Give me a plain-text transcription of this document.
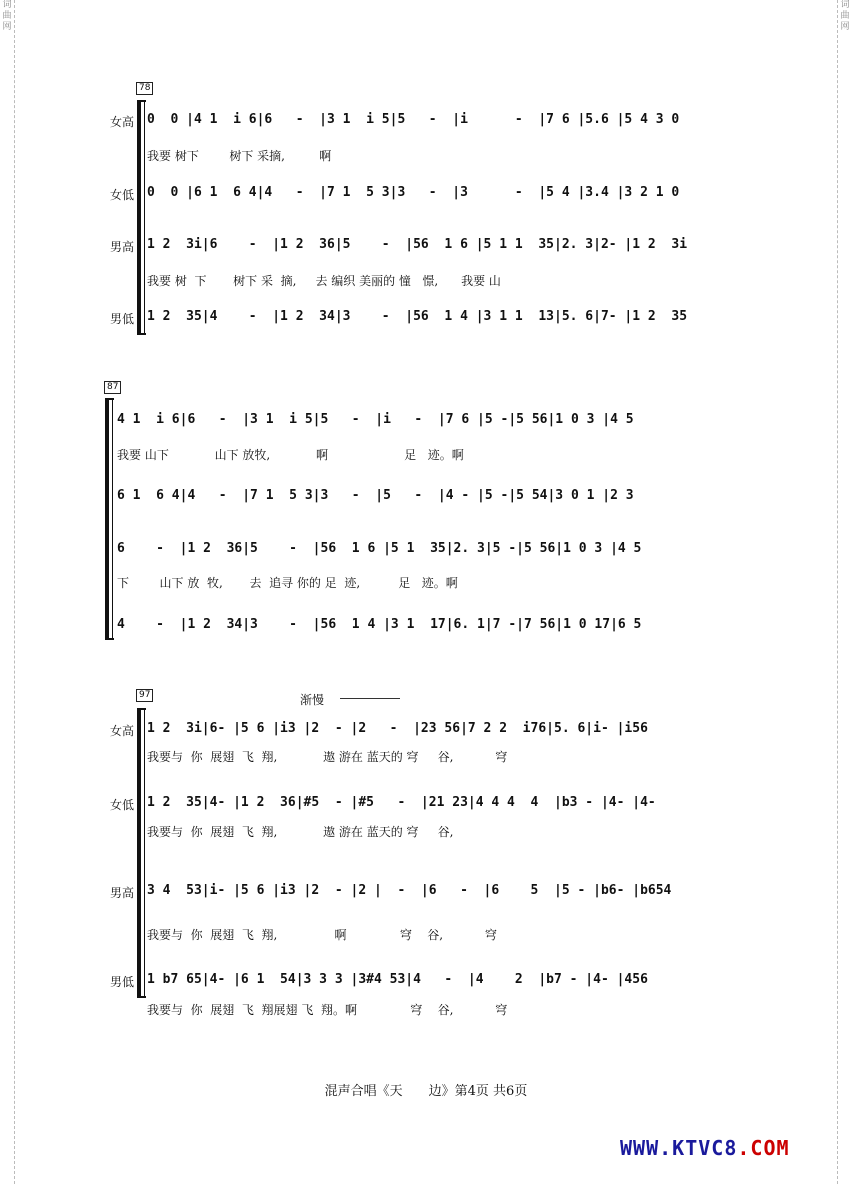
词
曲
网
词
曲
网
78
女高 0  0 |4 1  i 6|6   -  |3 1  i 5|5   -  |i      -  |7 6 |5.6 |5 4 3 0
我要 树下        树下 采摘,         啊
女低 0  0 |6 1  6 4|4   -  |7 1  5 3|3   -  |3      -  |5 4 |3.4 |3 2 1 0
男高 1 2  3i|6    -  |1 2  36|5    -  |56  1 6 |5 1 1  35|2. 3|2- |1 2  3i
我要 树  下       树下 采  摘,     去 编织 美丽的 憧   憬,      我要 山
男低 1 2  35|4    -  |1 2  34|3    -  |56  1 4 |3 1 1  13|5. 6|7- |1 2  35
87
4 1  i 6|6   -  |3 1  i 5|5   -  |i   -  |7 6 |5 -|5 56|1 0 3 |4 5
我要 山下            山下 放牧,            啊                    足   迹。啊
6 1  6 4|4   -  |7 1  5 3|3   -  |5   -  |4 - |5 -|5 54|3 0 1 |2 3
6    -  |1 2  36|5    -  |56  1 6 |5 1  35|2. 3|5 -|5 56|1 0 3 |4 5
下        山下 放  牧,       去  追寻 你的 足  迹,          足   迹。啊
4    -  |1 2  34|3    -  |56  1 4 |3 1  17|6. 1|7 -|7 56|1 0 17|6 5
97	渐慢
女高 1 2  3i|6- |5 6 |i3 |2  - |2   -  |23 56|7 2 2  i76|5. 6|i- |i56
我要与  你  展翅  飞  翔,            遨 游在 蓝天的 穹     谷,           穹
女低 1 2  35|4- |1 2  36|#5  - |#5   -  |21 23|4 4 4  4  |b3 - |4- |4-
我要与  你  展翅  飞  翔,            遨 游在 蓝天的 穹     谷,
男高 3 4  53|i- |5 6 |i3 |2  - |2 |  -  |6   -  |6    5  |5 - |b6- |b654
我要与  你  展翅  飞  翔,               啊              穹    谷,           穹
男低 1 b7 65|4- |6 1  54|3 3 3 |3#4 53|4   -  |4    2  |b7 - |4- |456
我要与  你  展翅  飞  翔展翅 飞  翔。啊              穹    谷,           穹
混声合唱《天　　边》第4页 共6页
WWW.KTVC8.COM
